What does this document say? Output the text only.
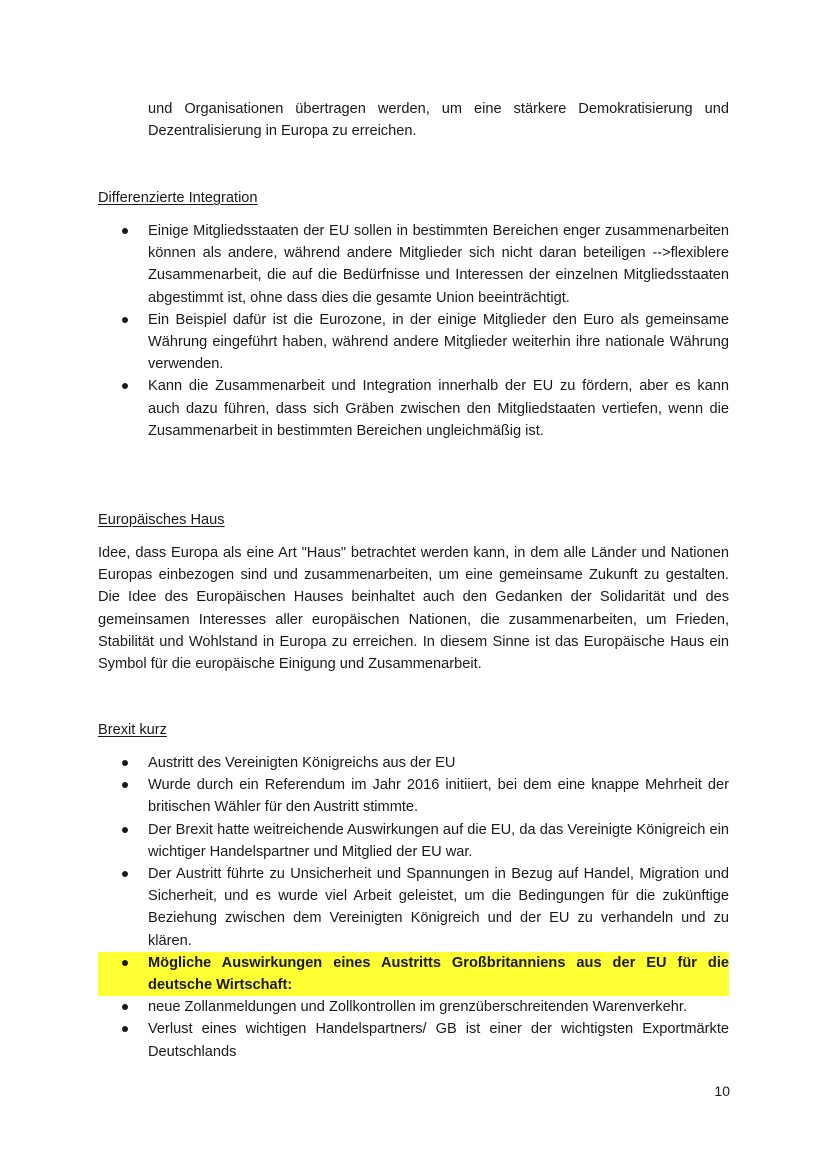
und Organisationen übertragen werden, um eine stärkere Demokratisierung und Dezentralisierung in Europa zu erreichen.
Differenzierte Integration
Einige Mitgliedsstaaten der EU sollen in bestimmten Bereichen enger zusammenarbeiten können als andere, während andere Mitglieder sich nicht daran beteiligen -->flexiblere Zusammenarbeit, die auf die Bedürfnisse und Interessen der einzelnen Mitgliedsstaaten abgestimmt ist, ohne dass dies die gesamte Union beeinträchtigt.
Ein Beispiel dafür ist die Eurozone, in der einige Mitglieder den Euro als gemeinsame Währung eingeführt haben, während andere Mitglieder weiterhin ihre nationale Währung verwenden.
Kann die Zusammenarbeit und Integration innerhalb der EU zu fördern, aber es kann auch dazu führen, dass sich Gräben zwischen den Mitgliedstaaten vertiefen, wenn die Zusammenarbeit in bestimmten Bereichen ungleichmäßig ist.
Europäisches Haus
Idee, dass Europa als eine Art "Haus" betrachtet werden kann, in dem alle Länder und Nationen Europas einbezogen sind und zusammenarbeiten, um eine gemeinsame Zukunft zu gestalten. Die Idee des Europäischen Hauses beinhaltet auch den Gedanken der Solidarität und des gemeinsamen Interesses aller europäischen Nationen, die zusammenarbeiten, um Frieden, Stabilität und Wohlstand in Europa zu erreichen. In diesem Sinne ist das Europäische Haus ein Symbol für die europäische Einigung und Zusammenarbeit.
Brexit kurz
Austritt des Vereinigten Königreichs aus der EU
Wurde durch ein Referendum im Jahr 2016 initiiert, bei dem eine knappe Mehrheit der britischen Wähler für den Austritt stimmte.
Der Brexit hatte weitreichende Auswirkungen auf die EU, da das Vereinigte Königreich ein wichtiger Handelspartner und Mitglied der EU war.
Der Austritt führte zu Unsicherheit und Spannungen in Bezug auf Handel, Migration und Sicherheit, und es wurde viel Arbeit geleistet, um die Bedingungen für die zukünftige Beziehung zwischen dem Vereinigten Königreich und der EU zu verhandeln und zu klären.
Mögliche Auswirkungen eines Austritts Großbritanniens aus der EU für die deutsche Wirtschaft:
neue Zollanmeldungen und Zollkontrollen im grenzüberschreitenden Warenverkehr.
Verlust eines wichtigen Handelspartners/ GB ist einer der wichtigsten Exportmärkte Deutschlands
10
